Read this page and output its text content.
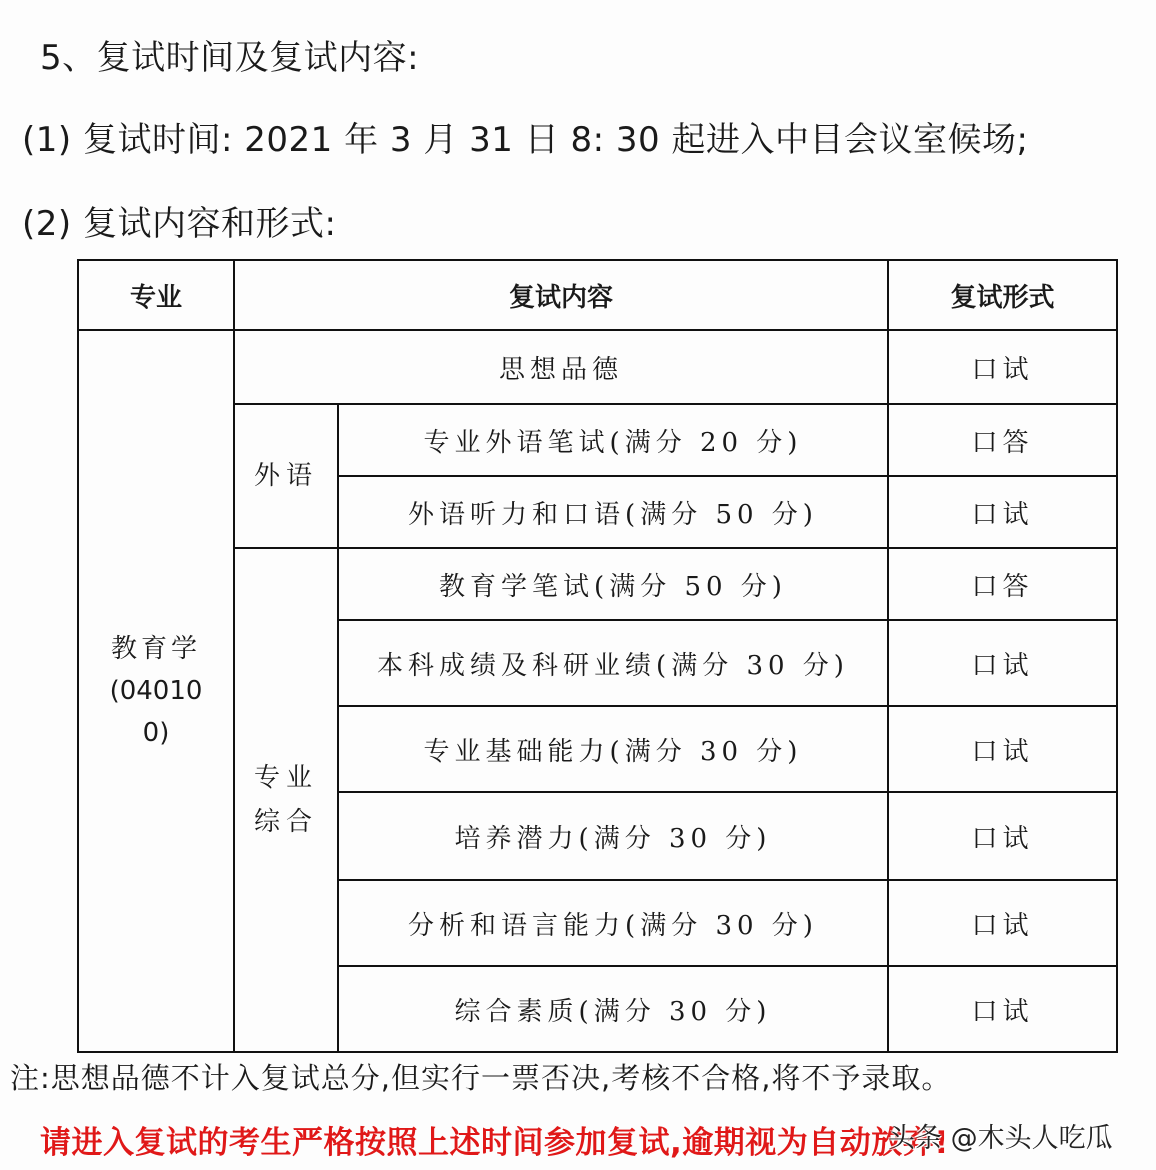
5、复试时间及复试内容:
(1) 复试时间: 2021 年 3 月 31 日 8: 30 起进入中目会议室候场;
(2) 复试内容和形式:
专业	复试内容		复试形式

教育学
(04010
0)	思想品德		口试
	外语	专业外语笔试(满分 20 分)	口答
		外语听力和口语(满分 50 分)	口试

	专业
综合	教育学笔试(满分 50 分)	口答
		本科成绩及科研业绩(满分 30 分)	口试
		专业基础能力(满分 30 分)	口试
		培养潜力(满分 30 分)	口试
		分析和语言能力(满分 30 分)	口试
		综合素质(满分 30 分)	口试
注:思想品德不计入复试总分,但实行一票否决,考核不合格,将不予录取。
请进入复试的考生严格按照上述时间参加复试,逾期视为自动放弃!
头条 @木头人吃瓜
